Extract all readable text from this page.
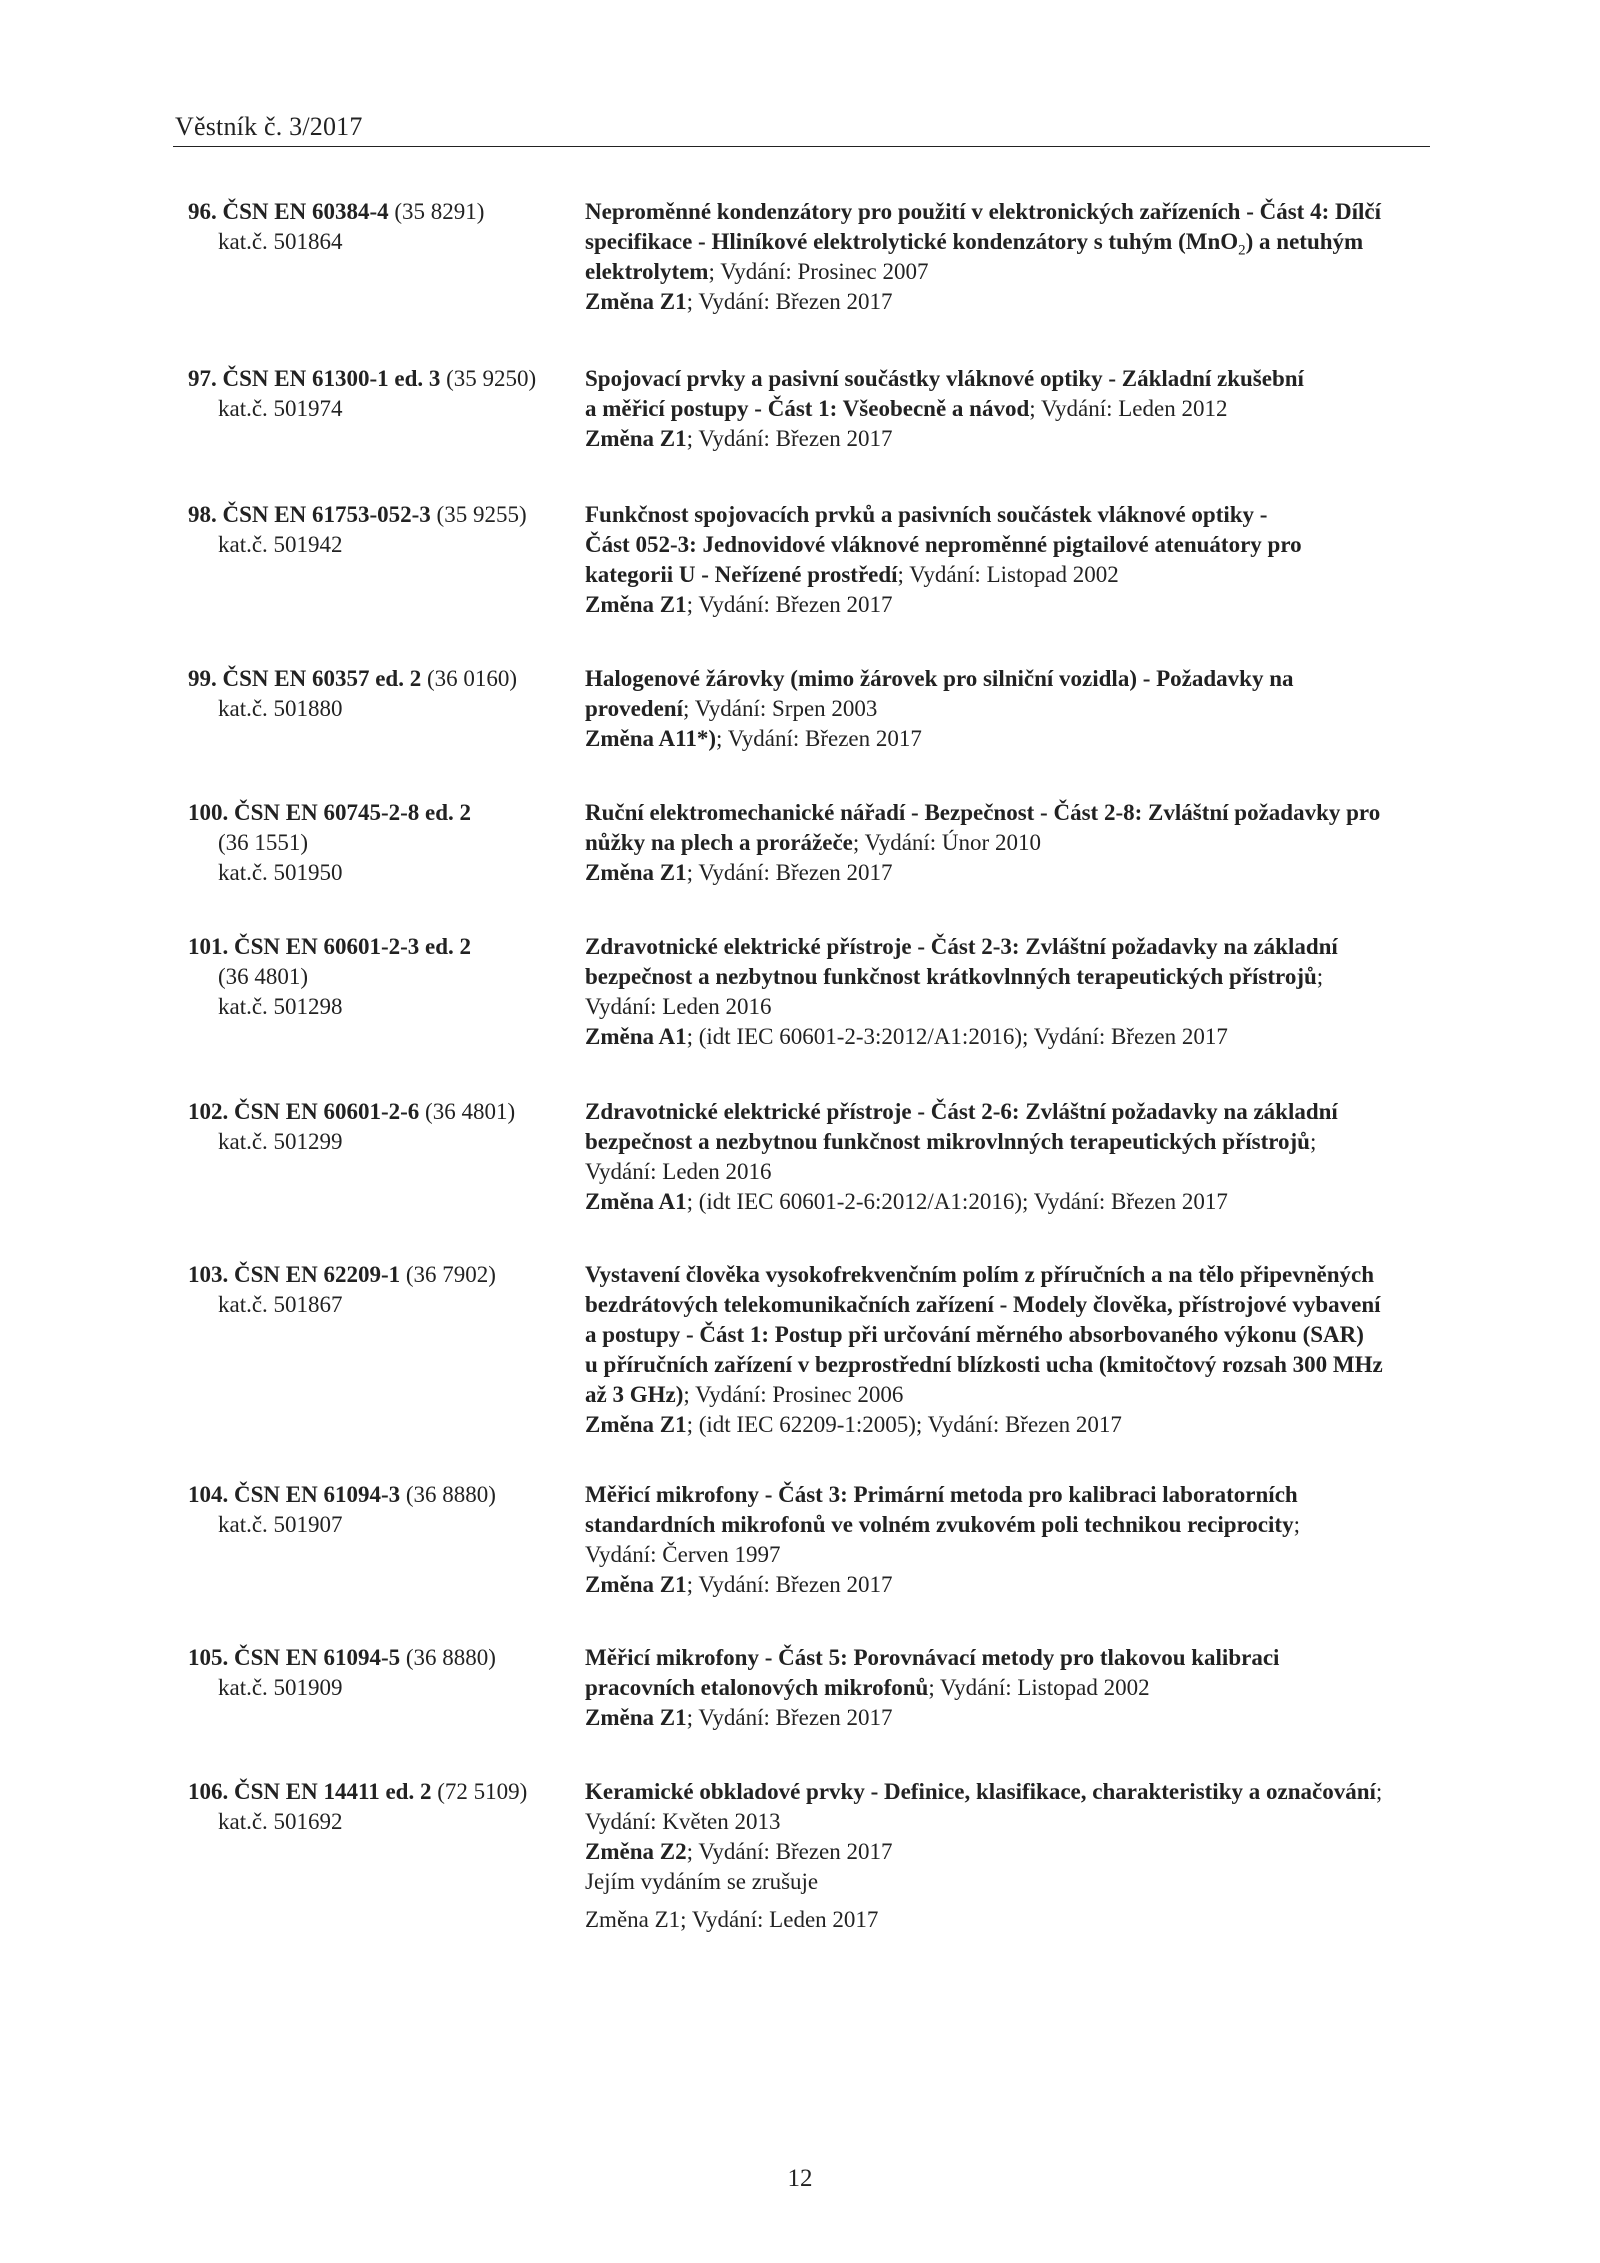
Věstník č. 3/2017
96. ČSN EN 60384-4 (35 8291)
kat.č. 501864
Neproměnné kondenzátory pro použití v elektronických zařízeních - Část 4: Dílčí
specifikace - Hliníkové elektrolytické kondenzátory s tuhým (MnO$_2$) a netuhým
elektrolytem; Vydání: Prosinec 2007
Změna Z1; Vydání: Březen 2017
97. ČSN EN 61300-1 ed. 3 (35 9250)
kat.č. 501974
Spojovací prvky a pasivní součástky vláknové optiky - Základní zkušební
a měřicí postupy - Část 1: Všeobecně a návod; Vydání: Leden 2012
Změna Z1; Vydání: Březen 2017
98. ČSN EN 61753-052-3 (35 9255)
kat.č. 501942
Funkčnost spojovacích prvků a pasivních součástek vláknové optiky -
Část 052-3: Jednovidové vláknové neproměnné pigtailové atenuátory pro
kategorii U - Neřízené prostředí; Vydání: Listopad 2002
Změna Z1; Vydání: Březen 2017
99. ČSN EN 60357 ed. 2 (36 0160)
kat.č. 501880
Halogenové žárovky (mimo žárovek pro silniční vozidla) - Požadavky na
provedení; Vydání: Srpen 2003
Změna A11*); Vydání: Březen 2017
100. ČSN EN 60745-2-8 ed. 2
(36 1551)
kat.č. 501950
Ruční elektromechanické nářadí - Bezpečnost - Část 2-8: Zvláštní požadavky pro
nůžky na plech a prorážeče; Vydání: Únor 2010
Změna Z1; Vydání: Březen 2017
101. ČSN EN 60601-2-3 ed. 2
(36 4801)
kat.č. 501298
Zdravotnické elektrické přístroje - Část 2-3: Zvláštní požadavky na základní
bezpečnost a nezbytnou funkčnost krátkovlnných terapeutických přístrojů;
Vydání: Leden 2016
Změna A1; (idt IEC 60601-2-3:2012/A1:2016); Vydání: Březen 2017
102. ČSN EN 60601-2-6 (36 4801)
kat.č. 501299
Zdravotnické elektrické přístroje - Část 2-6: Zvláštní požadavky na základní
bezpečnost a nezbytnou funkčnost mikrovlnných terapeutických přístrojů;
Vydání: Leden 2016
Změna A1; (idt IEC 60601-2-6:2012/A1:2016); Vydání: Březen 2017
103. ČSN EN 62209-1 (36 7902)
kat.č. 501867
Vystavení člověka vysokofrekvenčním polím z příručních a na tělo připevněných
bezdrátových telekomunikačních zařízení - Modely člověka, přístrojové vybavení
a postupy - Část 1: Postup při určování měrného absorbovaného výkonu (SAR)
u příručních zařízení v bezprostřední blízkosti ucha (kmitočtový rozsah 300 MHz
až 3 GHz); Vydání: Prosinec 2006
Změna Z1; (idt IEC 62209-1:2005); Vydání: Březen 2017
104. ČSN EN 61094-3 (36 8880)
kat.č. 501907
Měřicí mikrofony - Část 3: Primární metoda pro kalibraci laboratorních
standardních mikrofonů ve volném zvukovém poli technikou reciprocity;
Vydání: Červen 1997
Změna Z1; Vydání: Březen 2017
105. ČSN EN 61094-5 (36 8880)
kat.č. 501909
Měřicí mikrofony - Část 5: Porovnávací metody pro tlakovou kalibraci
pracovních etalonových mikrofonů; Vydání: Listopad 2002
Změna Z1; Vydání: Březen 2017
106. ČSN EN 14411 ed. 2 (72 5109)
kat.č. 501692
Keramické obkladové prvky - Definice, klasifikace, charakteristiky a označování;
Vydání: Květen 2013
Změna Z2; Vydání: Březen 2017
Jejím vydáním se zrušuje
Změna Z1; Vydání: Leden 2017
12
